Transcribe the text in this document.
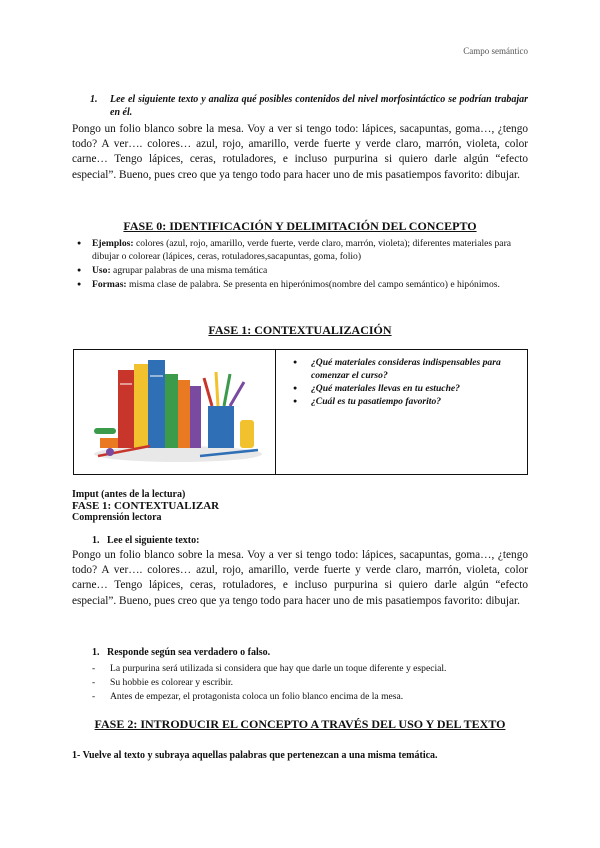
Campo semántico
1. Lee el siguiente texto y analiza qué posibles contenidos del nivel morfosintáctico se podrían trabajar en él.
Pongo un folio blanco sobre la mesa. Voy a ver si tengo todo: lápices, sacapuntas, goma…, ¿tengo todo? A ver…. colores… azul, rojo, amarillo, verde fuerte y verde claro, marrón, violeta, color carne… Tengo lápices, ceras, rotuladores, e incluso purpurina si quiero darle algún “efecto especial”. Bueno, pues creo que ya tengo todo para hacer uno de mis pasatiempos favorito: dibujar.
FASE 0: IDENTIFICACIÓN Y DELIMITACIÓN DEL CONCEPTO
● Ejemplos: colores (azul, rojo, amarillo, verde fuerte, verde claro, marrón, violeta); diferentes materiales para dibujar o colorear (lápices, ceras, rotuladores,sacapuntas, goma, folio)
● Uso: agrupar palabras de una misma temática
● Formas: misma clase de palabra. Se presenta en hiperónimos(nombre del campo semántico) e hipónimos.
FASE 1: CONTEXTUALIZACIÓN
● ¿Qué materiales consideras indispensables para comenzar el curso?
● ¿Qué materiales llevas en tu estuche?
● ¿Cuál es tu pasatiempo favorito?
Imput (antes de la lectura)
FASE 1: CONTEXTUALIZAR
Comprensión lectora
1. Lee el siguiente texto:
Pongo un folio blanco sobre la mesa. Voy a ver si tengo todo: lápices, sacapuntas, goma…, ¿tengo todo? A ver…. colores… azul, rojo, amarillo, verde fuerte y verde claro, marrón, violeta, color carne… Tengo lápices, ceras, rotuladores, e incluso purpurina si quiero darle algún “efecto especial”. Bueno, pues creo que ya tengo todo para hacer uno de mis pasatiempos favorito: dibujar.
1. Responde según sea verdadero o falso.
- La purpurina será utilizada si considera que hay que darle un toque diferente y especial.
- Su hobbie es colorear y escribir.
- Antes de empezar, el protagonista coloca un folio blanco encima de la mesa.
FASE 2: INTRODUCIR EL CONCEPTO A TRAVÉS DEL USO Y DEL TEXTO
1- Vuelve al texto y subraya aquellas palabras que pertenezcan a una misma temática.
